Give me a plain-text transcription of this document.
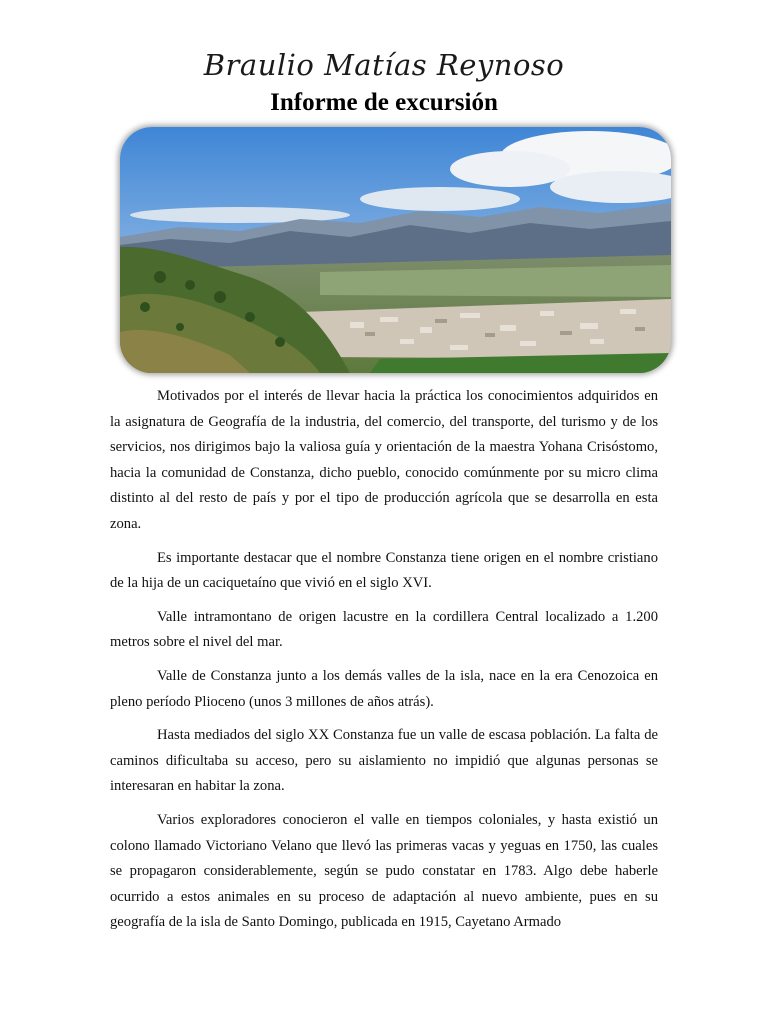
Braulio Matías Reynoso
Informe de excursión

Motivados por el interés de llevar hacia la práctica los conocimientos adquiridos en la asignatura de Geografía de la industria, del comercio, del transporte, del turismo y de los servicios, nos dirigimos bajo la valiosa guía y orientación de la maestra Yohana Crisóstomo, hacia la comunidad de Constanza, dicho pueblo, conocido comúnmente por su micro clima distinto al del resto de país y por el tipo de producción agrícola que se desarrolla en esta zona.

Es importante destacar que el nombre Constanza tiene origen en el nombre cristiano de la hija de un caciquetaíno que vivió en el siglo XVI.

Valle intramontano de origen lacustre en la cordillera Central localizado a 1.200 metros sobre el nivel del mar.

Valle de Constanza junto a los demás valles de la isla, nace en la era Cenozoica en pleno período Plioceno (unos 3 millones de años atrás).

Hasta mediados del siglo XX Constanza fue un valle de escasa población. La falta de caminos dificultaba su acceso, pero su aislamiento no impidió que algunas personas se interesaran en habitar la zona.

Varios exploradores conocieron el valle en tiempos coloniales, y hasta existió un colono llamado Victoriano Velano que llevó las primeras vacas y yeguas en 1750, las cuales se propagaron considerablemente, según se pudo constatar en 1783. Algo debe haberle ocurrido a estos animales en su proceso de adaptación al nuevo ambiente, pues en su geografía de la isla de Santo Domingo, publicada en 1915, Cayetano Armado
